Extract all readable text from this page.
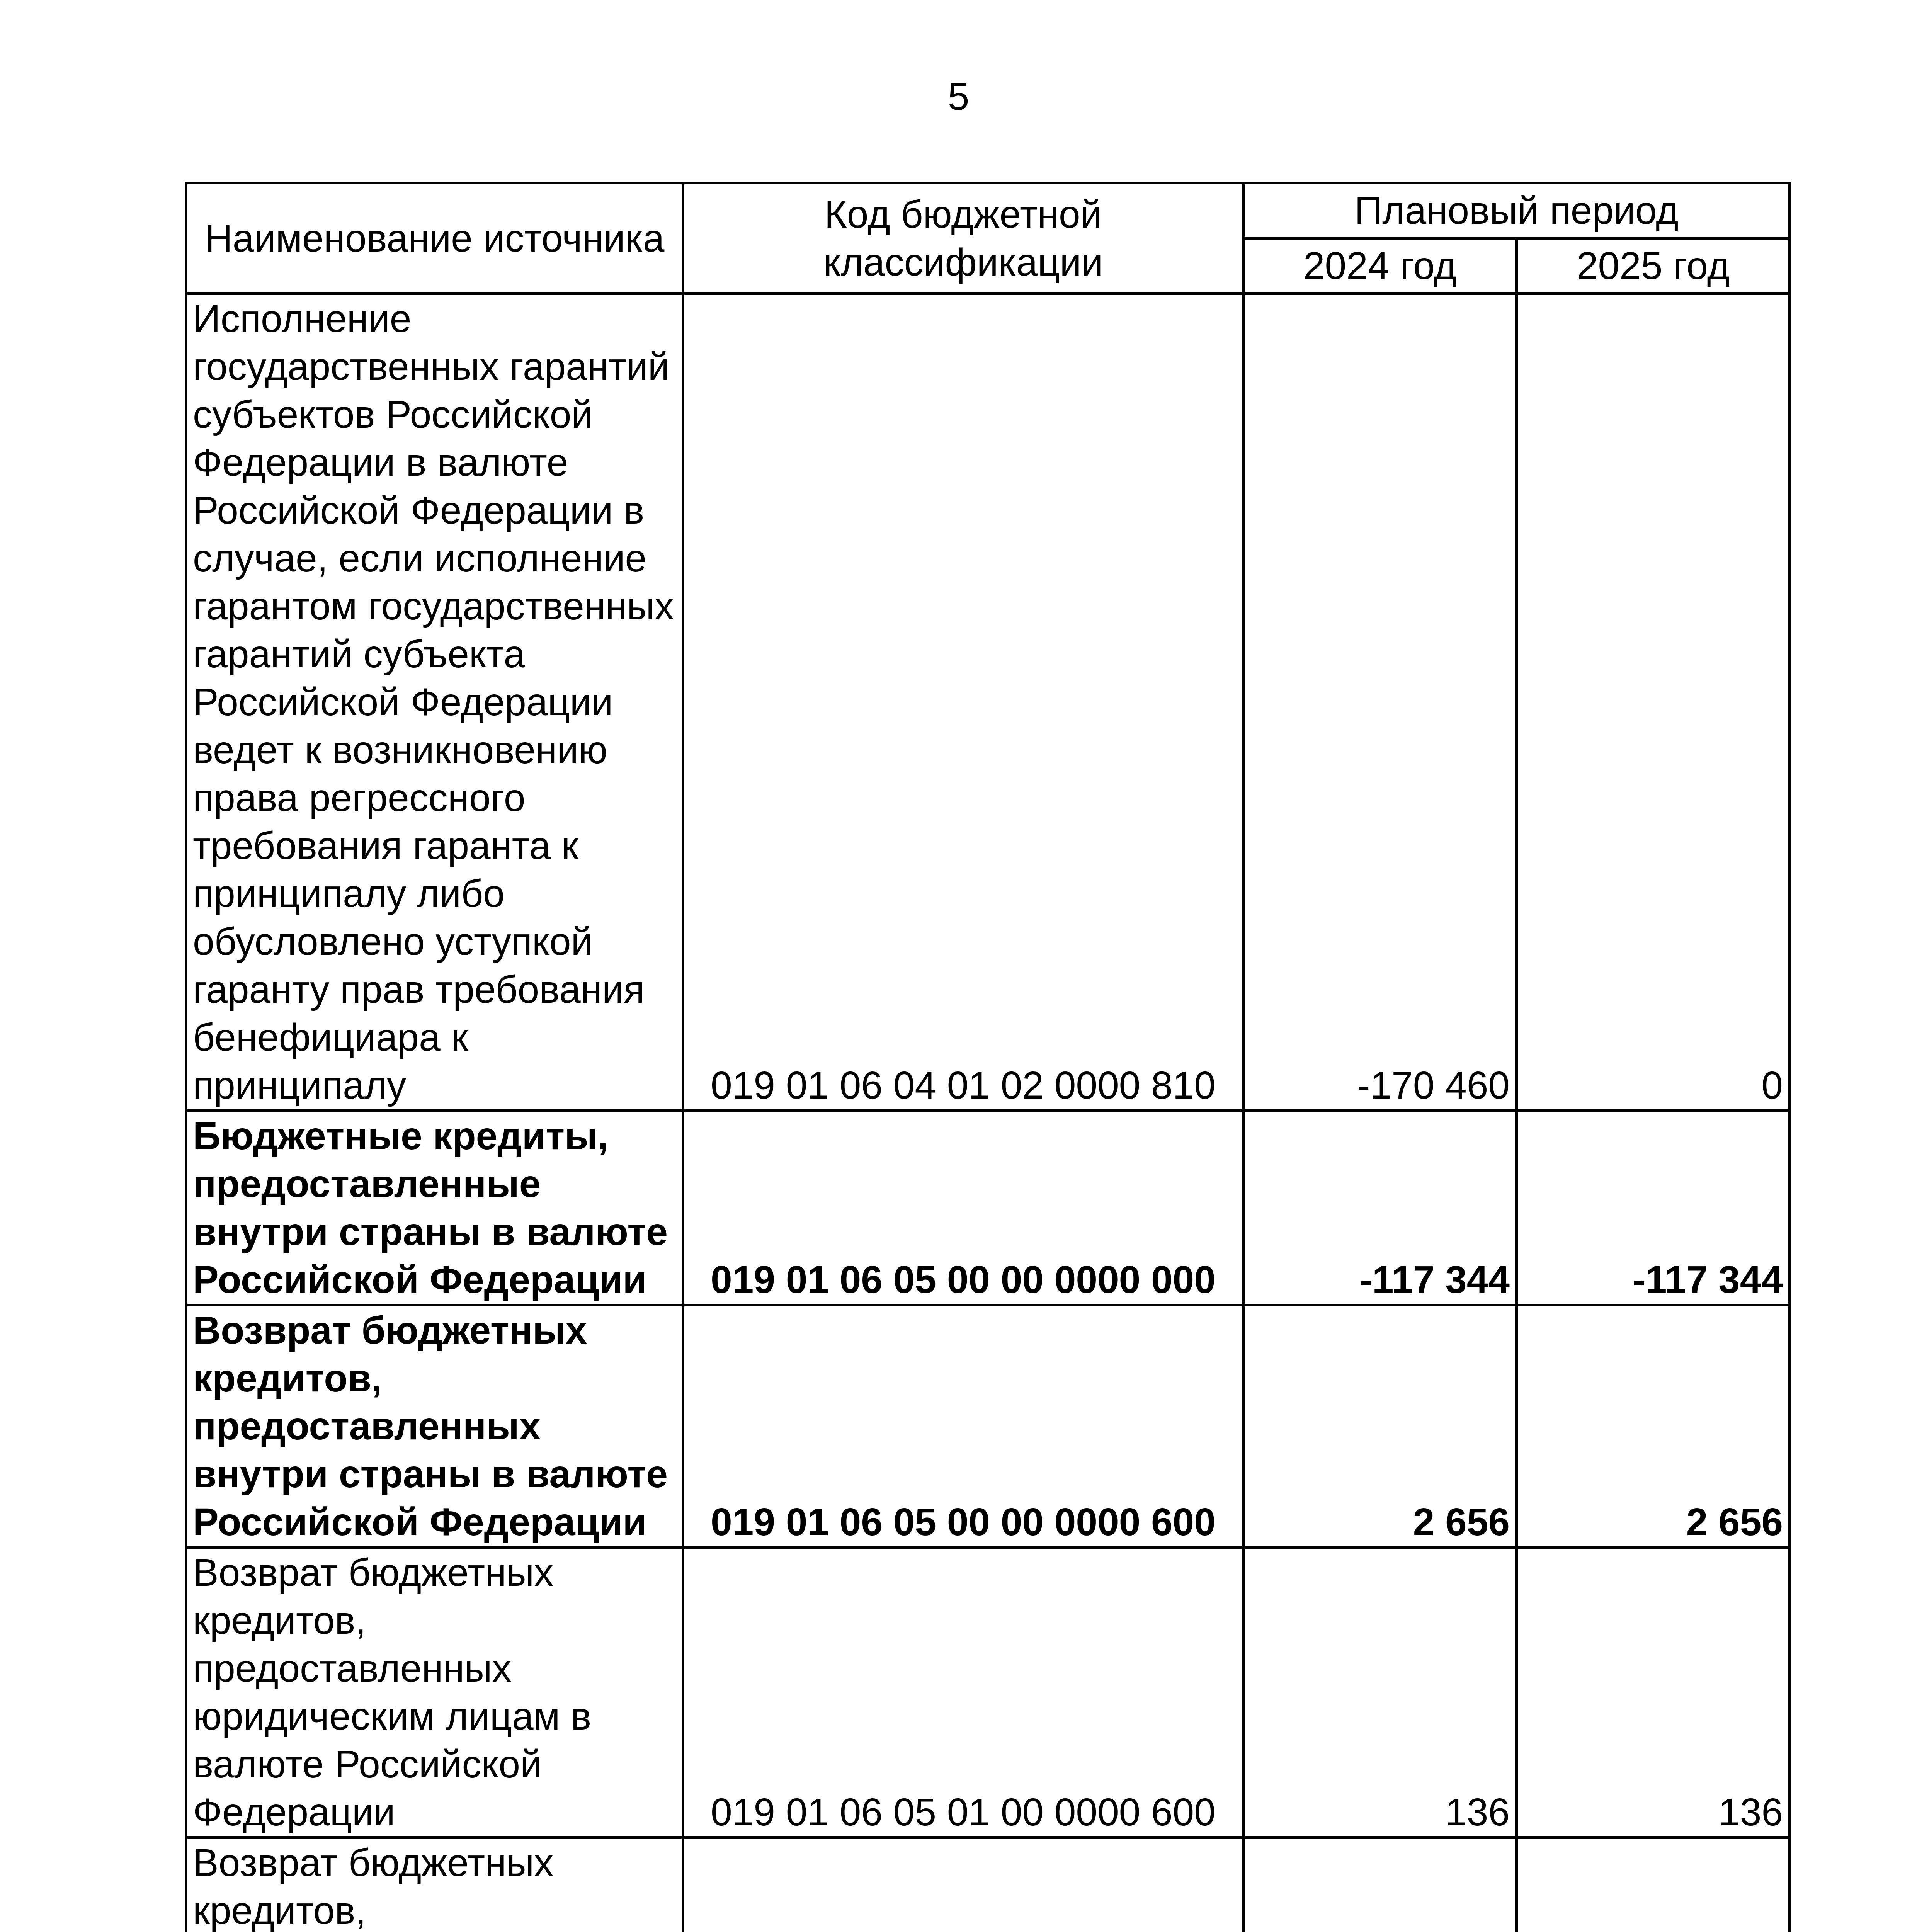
5
Наименование источника	Код бюджетной классификации	Плановый период	
		2024 год	2025 год
Исполнение государственных гарантий субъектов Российской Федерации в валюте Российской Федерации в случае, если исполнение гарантом государственных гарантий субъекта Российской Федерации ведет к возникновению права регрессного требования гаранта к принципалу либо обусловлено уступкой гаранту прав требования бенефициара к принципалу	019 01 06 04 01 02 0000 810	-170 460	0
Бюджетные кредиты, предоставленные внутри страны в валюте Российской Федерации	019 01 06 05 00 00 0000 000	-117 344	-117 344
Возврат бюджетных кредитов, предоставленных внутри страны в валюте Российской Федерации	019 01 06 05 00 00 0000 600	2 656	2 656
Возврат бюджетных кредитов, предоставленных юридическим лицам в валюте Российской Федерации	019 01 06 05 01 00 0000 600	136	136
Возврат бюджетных кредитов,			
